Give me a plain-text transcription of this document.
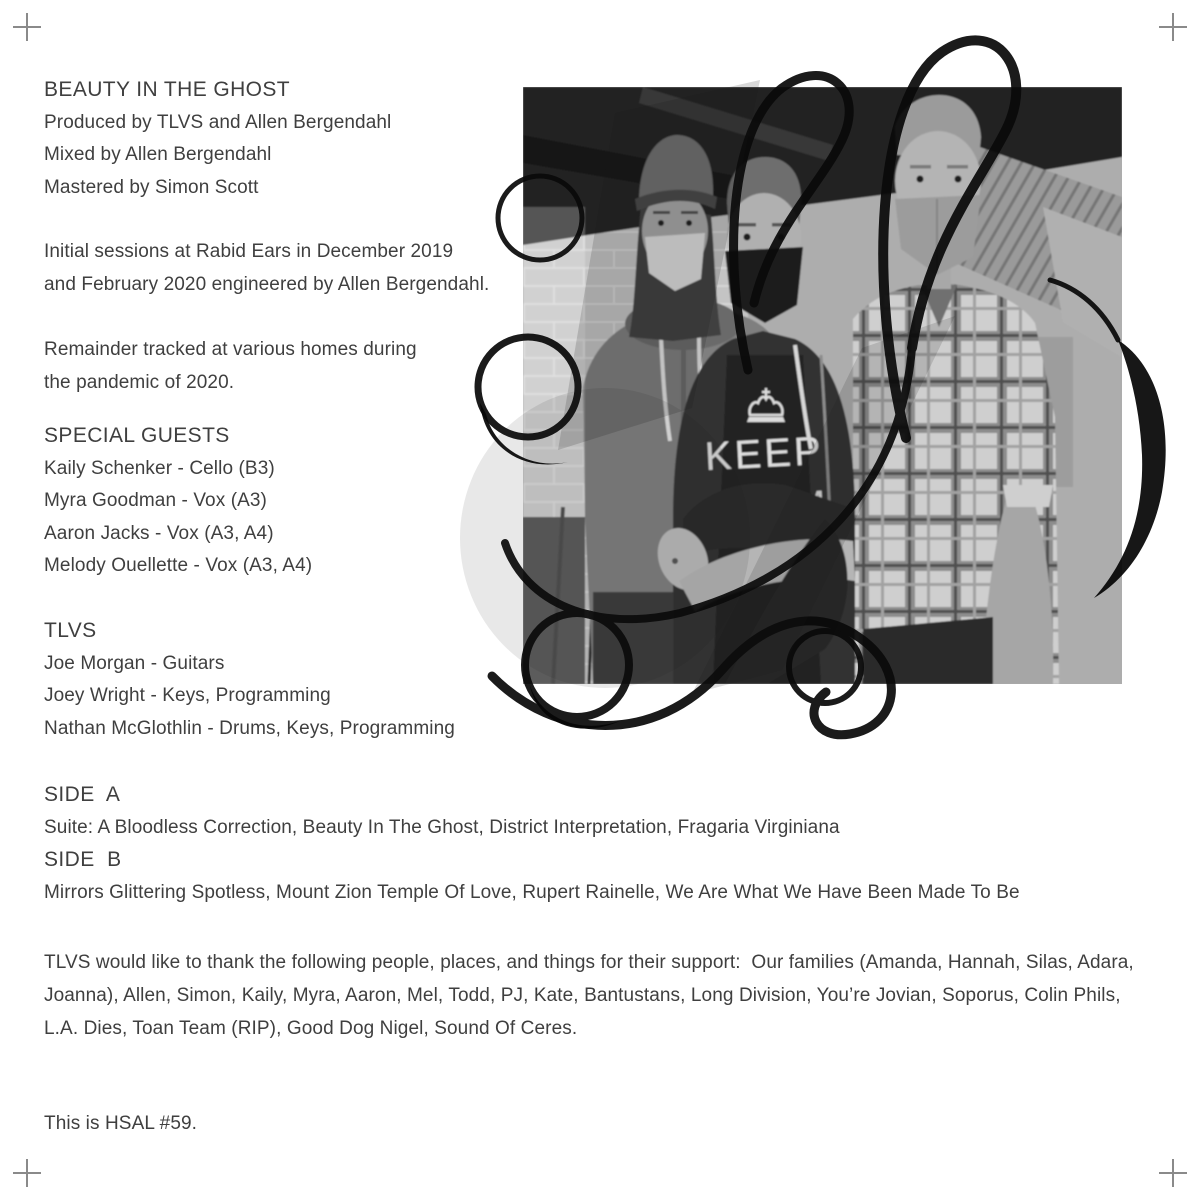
BEAUTY IN THE GHOST
Produced by TLVS and Allen Bergendahl
Mixed by Allen Bergendahl
Mastered by Simon Scott
Initial sessions at Rabid Ears in December 2019
and February 2020 engineered by Allen Bergendahl.
Remainder tracked at various homes during
the pandemic of 2020.
SPECIAL GUESTS
Kaily Schenker - Cello (B3)
Myra Goodman - Vox (A3)
Aaron Jacks - Vox (A3, A4)
Melody Ouellette - Vox (A3, A4)
TLVS
Joe Morgan - Guitars
Joey Wright - Keys, Programming
Nathan McGlothlin - Drums, Keys, Programming
SIDE  A
Suite: A Bloodless Correction, Beauty In The Ghost, District Interpretation, Fragaria Virginiana
SIDE  B
Mirrors Glittering Spotless, Mount Zion Temple Of Love, Rupert Rainelle, We Are What We Have Been Made To Be
TLVS would like to thank the following people, places, and things for their support:  Our families (Amanda, Hannah, Silas, Adara, Joanna), Allen, Simon, Kaily, Myra, Aaron, Mel, Todd, PJ, Kate, Bantustans, Long Division, You’re Jovian, Soporus, Colin Phils, L.A. Dies, Toan Team (RIP), Good Dog Nigel, Sound Of Ceres.
This is HSAL #59.
KEEP
